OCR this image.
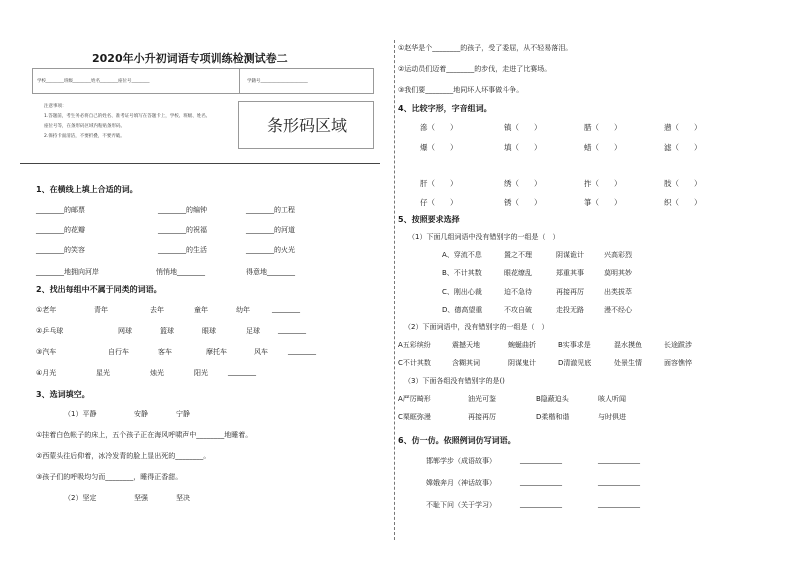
2020年小升初词语专项训练检测试卷二
学校________班级________姓名________座位号________	学籍号_____________________
注意事项：
1.答题前，考生务必将自己的姓名、准考证号填写在答题卡上，学校、班级、姓名、
座位号等，在条形码区域内粘贴条形码。
2.保持卡面清洁，不要折叠，不要弄破。
条形码区域
1、在横线上填上合适的词。
________的邮票	________的编钟	________的工程
________的花瓣	________的祝福	________的河道
________的笑容	________的生活	________的火光
________地拥向河岸	悄悄地________	得意地________
2、找出每组中不属于同类的词语。
①老年	青年	去年	童年	幼年	________
②乒乓球	网球	篮球	眼球	足球	________
③汽车	自行车	客车	摩托车	风车	________
④月光	星光	烛光	阳光	________
3、选词填空。
（1）平静	安静	宁静
①挂着白色帐子的床上，五个孩子正在海风呼啸声中________地睡着。
②西蒙头往后仰着，冰冷发青的脸上显出死的________。
③孩子们的呼吸均匀而________，睡得正香甜。
（2）坚定	坚强	坚决
①赵华是个________的孩子，受了委屈，从不轻易落泪。
②运动员们迈着________的步伐，走进了比赛场。
③我们要________地同坏人坏事做斗争。
4、比较字形，字音组词。
滲（　　）	镇（　　）	腊（　　）	懑（　　）
爆（　　）	填（　　）	蜡（　　）	滤（　　）
肝（　　）	绣（　　）	拃（　　）	肢（　　）
仔（　　）	锈（　　）	箏（　　）	织（　　）
5、按照要求选择
（1）下面几组词语中没有错别字的一组是（　）
A、穿流不息	置之不理	阴谋诡计	兴高彩烈
B、不计其数	眼花缭乱	郑重其事	莫明其妙
C、刚出心裁	迫不急待	再接再厉	出类拔萃
D、德高望重	不攻自破	走投无路	漫不经心
（2）下面词语中，没有错别字的一组是（　）
A五彩缤纷	震撼天地	蜿蜒曲折	B实事求是	混水摸鱼	长途跋涉
C不计其数	含糊其词	阴谋鬼计	D清澈见底	处景生情	面容憔悴
（3）下面各组没有错别字的是()
A严厉畸形	油光可鉴	B隐蔽迫头	咳人听闻
C栗眶弥漫	再接再厉	D柔楷和谐	与时俱进
6、仿一仿。依照例词仿写词语。
邯郸学步（成语故事）	____________	____________
嫦娥奔月（神话故事）	____________	____________
不耻下问（关于学习）	____________	____________
